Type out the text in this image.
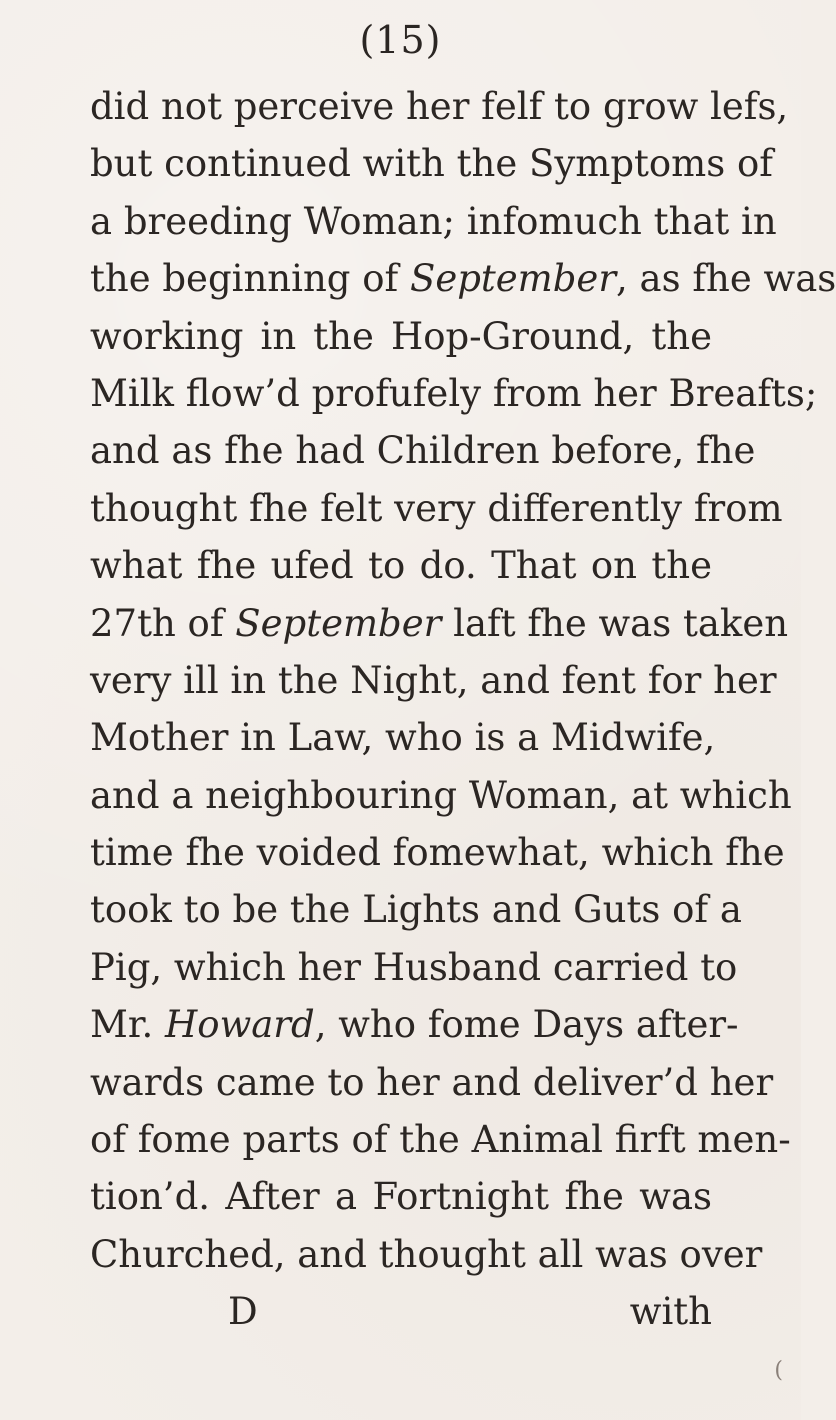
(15)
did not perceive her felf to grow lefs,
but continued with the Symptoms of
a breeding Woman; infomuch that in
the beginning of September, as fhe was
working in the Hop-Ground, the
Milk flow’d profufely from her Breafts;
and as fhe had Children before, fhe
thought fhe felt very differently from
what fhe ufed to do. That on the
27th of September laft fhe was taken
very ill in the Night, and fent for her
Mother in Law, who is a Midwife,
and a neighbouring Woman, at which
time fhe voided fomewhat, which fhe
took to be the Lights and Guts of a
Pig, which her Husband carried to
Mr. Howard, who fome Days after-
wards came to her and deliver’d her
of fome parts of the Animal firft men-
tion’d. After a Fortnight fhe was
Churched, and thought all was over
D	with
(
